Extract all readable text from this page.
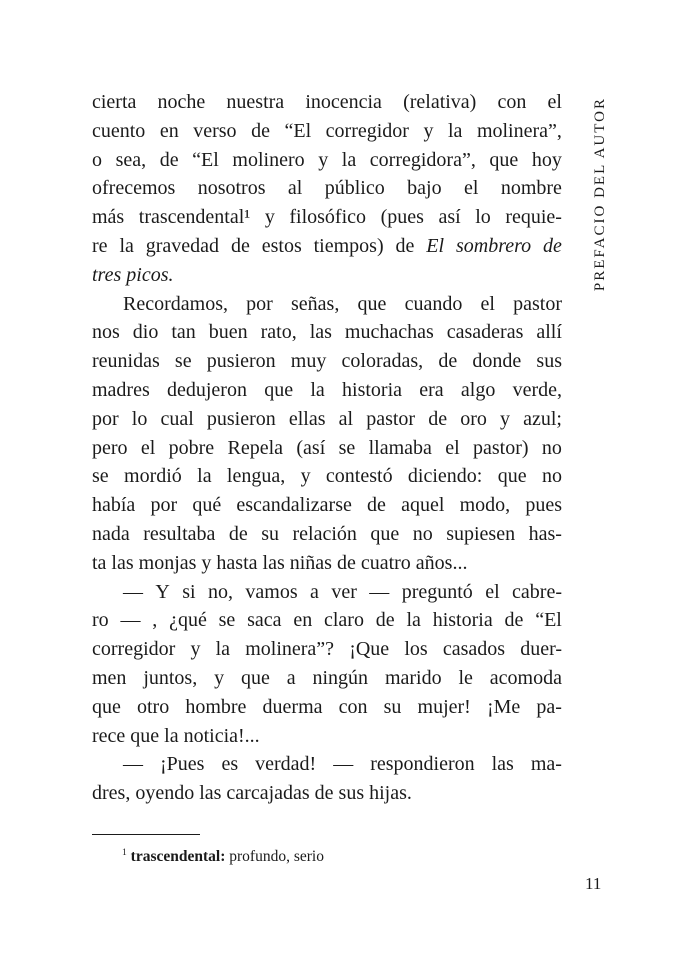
PREFACIO DEL AUTOR
cierta noche nuestra inocencia (relativa) con el
cuento en verso de “El corregidor y la molinera”,
o sea, de “El molinero y la corregidora”, que hoy
ofrecemos nosotros al público bajo el nombre
más trascendental¹ y filosófico (pues así lo requie-
re la gravedad de estos tiempos) de El sombrero de
tres picos.
Recordamos, por señas, que cuando el pastor
nos dio tan buen rato, las muchachas casaderas allí
reunidas se pusieron muy coloradas, de donde sus
madres dedujeron que la historia era algo verde,
por lo cual pusieron ellas al pastor de oro y azul;
pero el pobre Repela (así se llamaba el pastor) no
se mordió la lengua, y contestó diciendo: que no
había por qué escandalizarse de aquel modo, pues
nada resultaba de su relación que no supiesen has-
ta las monjas y hasta las niñas de cuatro años...
— Y si no, vamos a ver — preguntó el cabre-
ro — , ¿qué se saca en claro de la historia de “El
corregidor y la molinera”? ¡Que los casados duer-
men juntos, y que a ningún marido le acomoda
que otro hombre duerma con su mujer! ¡Me pa-
rece que la noticia!...
— ¡Pues es verdad! — respondieron las ma-
dres, oyendo las carcajadas de sus hijas.
$^1$ trascendental: profundo, serio
11
